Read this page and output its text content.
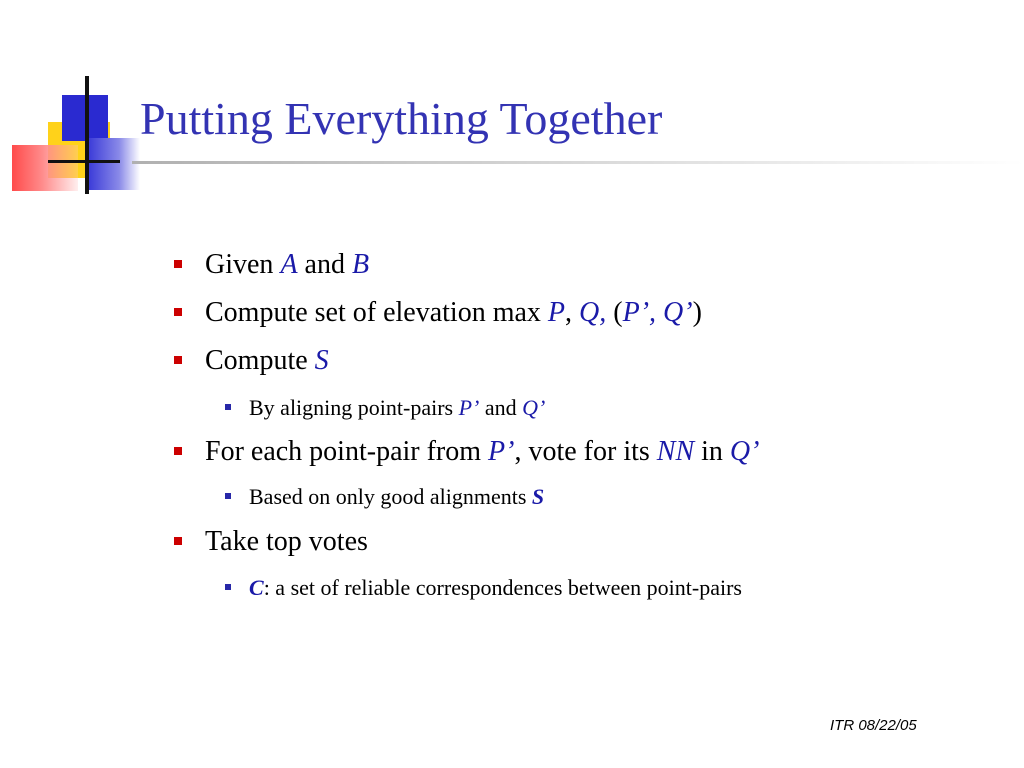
Putting Everything Together
Given A and B
Compute set of elevation max P, Q, (P’, Q’)
Compute S
By aligning point-pairs P’ and Q’
For each point-pair from P’, vote for its NN in Q’
Based on only good alignments S
Take top votes
C: a set of reliable correspondences between point-pairs
ITR 08/22/05
